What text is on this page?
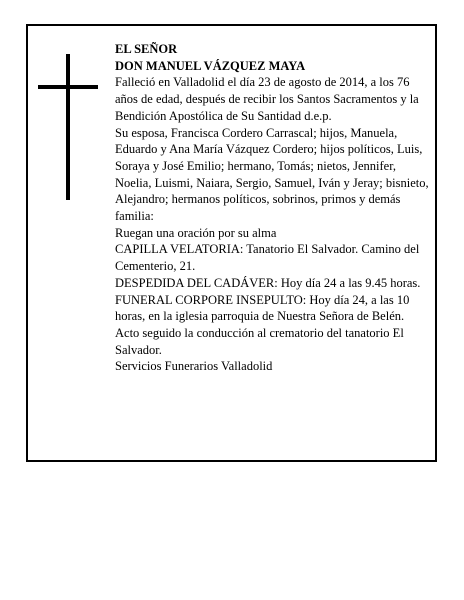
EL SEÑOR

DON MANUEL VÁZQUEZ MAYA

Falleció en Valladolid el día 23 de agosto de 2014, a los 76 años de edad, después de recibir los Santos Sacramentos y la Bendición Apostólica de Su Santidad d.e.p.

Su esposa, Francisca Cordero Carrascal; hijos, Manuela, Eduardo y Ana María Vázquez Cordero; hijos políticos, Luis, Soraya y José Emilio; hermano, Tomás; nietos, Jennifer, Noelia, Luismi, Naiara, Sergio, Samuel, Iván y Jeray; bisnieto, Alejandro; hermanos políticos, sobrinos, primos y demás familia:

Ruegan una oración por su alma

CAPILLA VELATORIA: Tanatorio El Salvador. Camino del Cementerio, 21.

DESPEDIDA DEL CADÁVER: Hoy día 24 a las 9.45 horas.

FUNERAL CORPORE INSEPULTO: Hoy día 24, a las 10 horas, en la iglesia parroquia de Nuestra Señora de Belén. Acto seguido la conducción al crematorio del tanatorio El Salvador.

Servicios Funerarios Valladolid
